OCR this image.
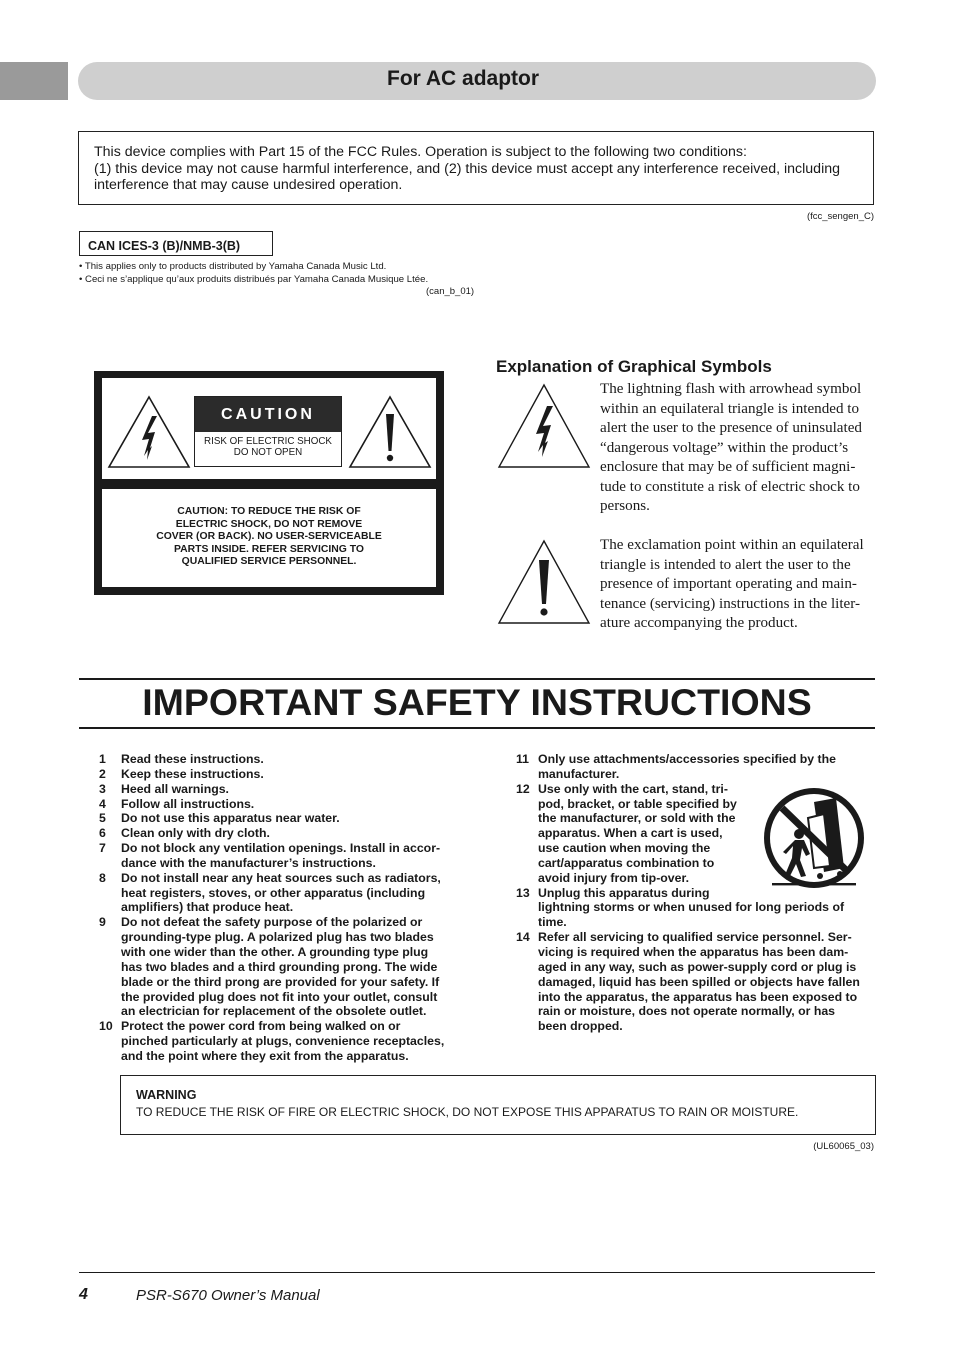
For AC adaptor
This device complies with Part 15 of the FCC Rules. Operation is subject to the following two conditions:
(1) this device may not cause harmful interference, and (2) this device must accept any interference received, including
interference that may cause undesired operation.
(fcc_sengen_C)
CAN ICES-3 (B)/NMB-3(B)
• This applies only to products distributed by Yamaha Canada Music Ltd.
• Ceci ne s’applique qu’aux produits distribués par Yamaha Canada Musique Ltée.
(can_b_01)
CAUTION
RISK OF ELECTRIC SHOCK
DO NOT OPEN
CAUTION: TO REDUCE THE RISK OF
ELECTRIC SHOCK, DO NOT REMOVE
COVER (OR BACK). NO USER-SERVICEABLE
PARTS INSIDE. REFER SERVICING TO
QUALIFIED SERVICE PERSONNEL.
Explanation of Graphical Symbols
The lightning flash with arrowhead symbol
within an equilateral triangle is intended to
alert the user to the presence of uninsulated
“dangerous voltage” within the product’s
enclosure that may be of sufficient magni-
tude to constitute a risk of electric shock to
persons.
The exclamation point within an equilateral
triangle is intended to alert the user to the
presence of important operating and main-
tenance (servicing) instructions in the liter-
ature accompanying the product.
IMPORTANT SAFETY INSTRUCTIONS
1	Read these instructions.
2	Keep these instructions.
3	Heed all warnings.
4	Follow all instructions.
5	Do not use this apparatus near water.
6	Clean only with dry cloth.
7	Do not block any ventilation openings. Install in accor-
dance with the manufacturer’s instructions.
8	Do not install near any heat sources such as radiators,
heat registers, stoves, or other apparatus (including
amplifiers) that produce heat.
9	Do not defeat the safety purpose of the polarized or
grounding-type plug. A polarized plug has two blades
with one wider than the other. A grounding type plug
has two blades and a third grounding prong. The wide
blade or the third prong are provided for your safety. If
the provided plug does not fit into your outlet, consult
an electrician for replacement of the obsolete outlet.
10 Protect the power cord from being walked on or
pinched particularly at plugs, convenience receptacles,
and the point where they exit from the apparatus.
11 Only use attachments/accessories specified by the
manufacturer.
12 Use only with the cart, stand, tri-
pod, bracket, or table specified by
the manufacturer, or sold with the
apparatus. When a cart is used,
use caution when moving the
cart/apparatus combination to
avoid injury from tip-over.
13 Unplug this apparatus during
lightning storms or when unused for long periods of
time.
14 Refer all servicing to qualified service personnel. Ser-
vicing is required when the apparatus has been dam-
aged in any way, such as power-supply cord or plug is
damaged, liquid has been spilled or objects have fallen
into the apparatus, the apparatus has been exposed to
rain or moisture, does not operate normally, or has
been dropped.
WARNING
TO REDUCE THE RISK OF FIRE OR ELECTRIC SHOCK, DO NOT EXPOSE THIS APPARATUS TO RAIN OR MOISTURE.
(UL60065_03)
4	PSR-S670 Owner’s Manual
